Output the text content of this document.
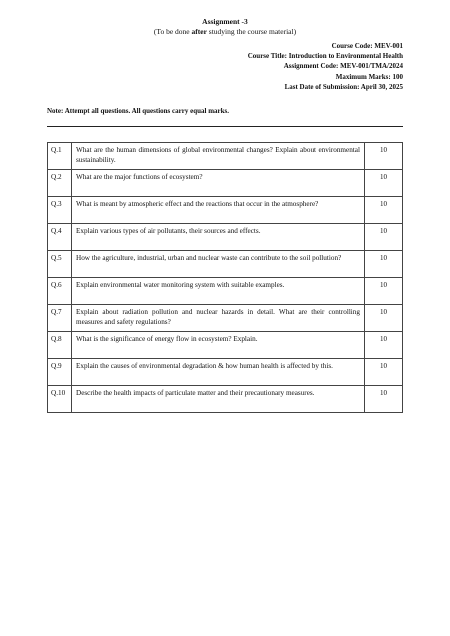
Assignment -3
(To be done after studying the course material)
Course Code: MEV-001
Course Title: Introduction to Environmental Health
Assignment Code: MEV-001/TMA/2024
Maximum Marks: 100
Last Date of Submission: April 30, 2025
Note: Attempt all questions. All questions carry equal marks.
Q.1	What are the human dimensions of global environmental changes? Explain about environmental sustainability.	10
Q.2	What are the major functions of ecosystem?	10
Q.3	What is meant by atmospheric effect and the reactions that occur in the atmosphere?	10
Q.4	Explain various types of air pollutants, their sources and effects.	10
Q.5	How the agriculture, industrial, urban and nuclear waste can contribute to the soil pollution?	10
Q.6	Explain environmental water monitoring system with suitable examples.	10
Q.7	Explain about radiation pollution and nuclear hazards in detail. What are their controlling measures and safety regulations?	10
Q.8	What is the significance of energy flow in ecosystem? Explain.	10
Q.9	Explain the causes of environmental degradation & how human health is affected by this.	10
Q.10	Describe the health impacts of particulate matter and their precautionary measures.	10
